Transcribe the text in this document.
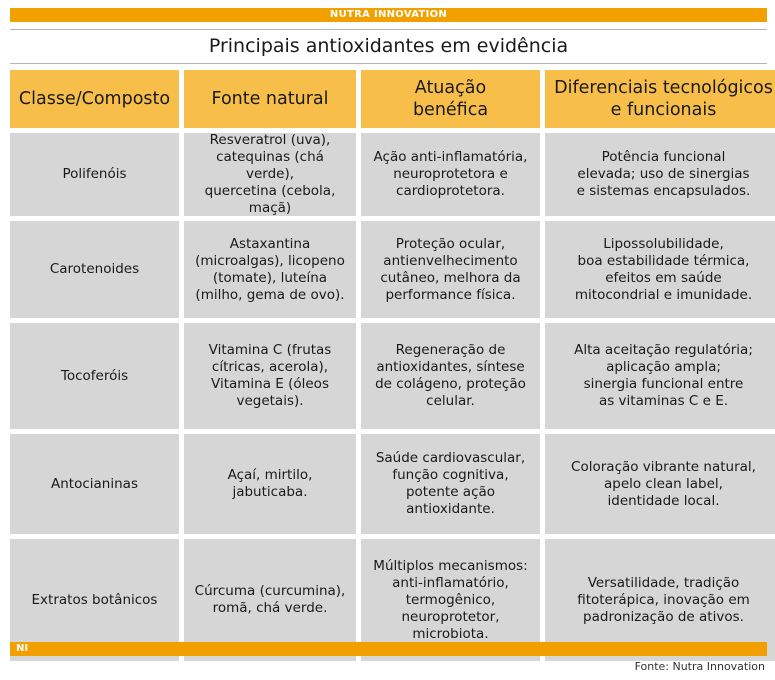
NUTRA INNOVATION
Principais antioxidantes em evidência
Classe/Composto Fonte natural
Atuação
benéfica
Diferenciais tecnológicos
e funcionais
Polifenóis
Resveratrol (uva),
catequinas (chá verde),
quercetina (cebola,
maçã)
Ação anti-inflamatória,
neuroprotetora e
cardioprotetora.
Potência funcional
elevada; uso de sinergias
e sistemas encapsulados.
Carotenoides
Astaxantina
(microalgas), licopeno
(tomate), luteína
(milho, gema de ovo).
Proteção ocular,
antienvelhecimento
cutâneo, melhora da
performance física.
Lipossolubilidade,
boa estabilidade térmica,
efeitos em saúde
mitocondrial e imunidade.
Tocoferóis
Vitamina C (frutas
cítricas, acerola),
Vitamina E (óleos
vegetais).
Regeneração de
antioxidantes, síntese
de colágeno, proteção
celular.
Alta aceitação regulatória;
aplicação ampla;
sinergia funcional entre
as vitaminas C e E.
Antocianinas
Açaí, mirtilo,
jabuticaba.
Saúde cardiovascular,
função cognitiva,
potente ação
antioxidante.
Coloração vibrante natural,
apelo clean label,
identidade local.
Extratos botânicos
Cúrcuma (curcumina),
romã, chá verde.
Múltiplos mecanismos:
anti-inflamatório,
termogênico,
neuroprotetor,
microbiota.
Versatilidade, tradição
fitoterápica, inovação em
padronização de ativos.
NI
Fonte: Nutra Innovation
